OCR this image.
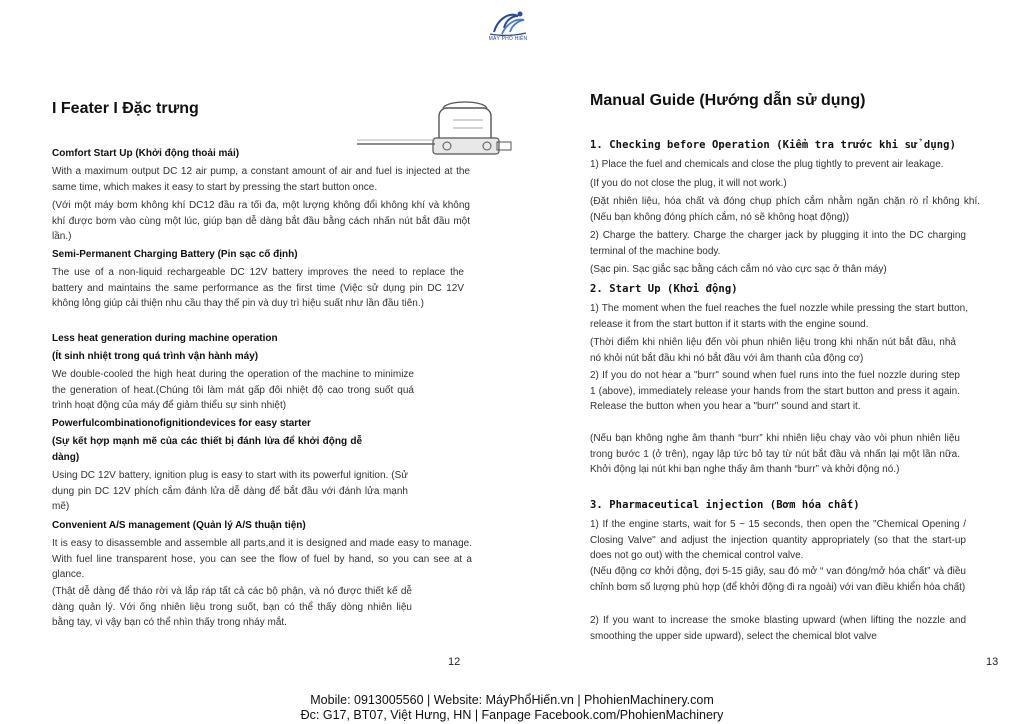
MÁY PHỔ HIẾN
I Feater I Đặc trưng
Comfort Start Up (Khởi động thoải mái)
With a maximum output DC 12 air pump, a constant amount of air and fuel is injected at the same time, which makes it easy to start by pressing the start button once.
(Với một máy bơm không khí DC12 đầu ra tối đa, một lượng không đổi không khí và không khí được bơm vào cùng một lúc, giúp bạn dễ dàng bắt đầu bằng cách nhấn nút bắt đầu một lần.)
Semi-Permanent Charging Battery (Pin sạc cố định)
The use of a non-liquid rechargeable DC 12V battery improves the need to replace the battery and maintains the same performance as the first time (Việc sử dụng pin DC 12V không lỏng giúp cải thiện nhu cầu thay thế pin và duy trì hiệu suất như lần đầu tiên.)
Less heat generation during machine operation
(Ít sinh nhiệt trong quá trình vận hành máy)
We double-cooled the high heat during the operation of the machine to minimize the generation of heat.(Chúng tôi làm mát gấp đôi nhiệt độ cao trong suốt quá trình hoạt động của máy để giảm thiểu sự sinh nhiệt)
Powerfulcombinationofignitiondevices for easy starter
(Sự kết hợp mạnh mẽ của các thiết bị đánh lửa để khởi động dễ dàng)
Using DC 12V battery, ignition plug is easy to start with its powerful ignition. (Sử dụng pin DC 12V phích cắm đánh lửa dễ dàng để bắt đầu với đánh lửa mạnh mẽ)
Convenient A/S management (Quản lý A/S thuận tiện)
It is easy to disassemble and assemble all parts,and it is designed and made easy to manage. With fuel line transparent hose, you can see the flow of fuel by hand, so you can see at a glance.
(Thật dễ dàng để tháo rời và lắp ráp tất cả các bộ phận, và nó được thiết kế dễ dàng quản lý. Với ống nhiên liệu trong suốt, bạn có thể thấy dòng nhiên liệu bằng tay, vì vậy bạn có thể nhìn thấy trong nháy mắt.
12
Manual Guide (Hướng dẫn sử dụng)
1. Checking before Operation (Kiểm tra trước khi sử dụng)
1) Place the fuel and chemicals and close the plug tightly to prevent air leakage.
(If you do not close the plug, it will not work.)
(Đặt nhiên liệu, hóa chất và đóng chụp phích cắm nhằm ngăn chặn rò rỉ không khí. (Nếu bạn không đóng phích cắm, nó sẽ không hoạt động))
2) Charge the battery. Charge the charger jack by plugging it into the DC charging terminal of the machine body.
(Sạc pin. Sạc giắc sạc bằng cách cắm nó vào cực sạc ở thân máy)
2. Start Up (Khởi động)
1) The moment when the fuel reaches the fuel nozzle while pressing the start button, release it from the start button if it starts with the engine sound.
(Thời điểm khi nhiên liệu đến vòi phun nhiên liệu trong khi nhấn nút bắt đầu, nhả nó khỏi nút bắt đầu khi nó bắt đầu với âm thanh của động cơ)
2) If you do not hear a "burr" sound when fuel runs into the fuel nozzle during step 1 (above), immediately release your hands from the start button and press it again. Release the button when you hear a "burr" sound and start it.
(Nếu bạn không nghe âm thanh “burr” khi nhiên liệu chạy vào vòi phun nhiên liệu trong bước 1 (ở trên), ngay lập tức bỏ tay từ nút bắt đầu và nhấn lại một lần nữa. Khởi động lại nút khi bạn nghe thấy âm thanh “burr” và khởi động nó.)
3. Pharmaceutical injection (Bơm hóa chất)
1) If the engine starts, wait for 5 ~ 15 seconds, then open the "Chemical Opening / Closing Valve" and adjust the injection quantity appropriately (so that the start-up does not go out) with the chemical control valve.
(Nếu động cơ khởi động, đợi 5-15 giây, sau đó mở “ van đóng/mở hóa chất” và điều chỉnh bơm số lượng phù hợp (để khởi động đi ra ngoài) với van điều khiển hóa chất)
2) If you want to increase the smoke blasting upward (when lifting the nozzle and smoothing the upper side upward), select the chemical blot valve
13
Mobile: 0913005560 | Website: MáyPhổHiến.vn | PhohienMachinery.com
Đc: G17, BT07, Việt Hưng, HN | Fanpage Facebook.com/PhohienMachinery
